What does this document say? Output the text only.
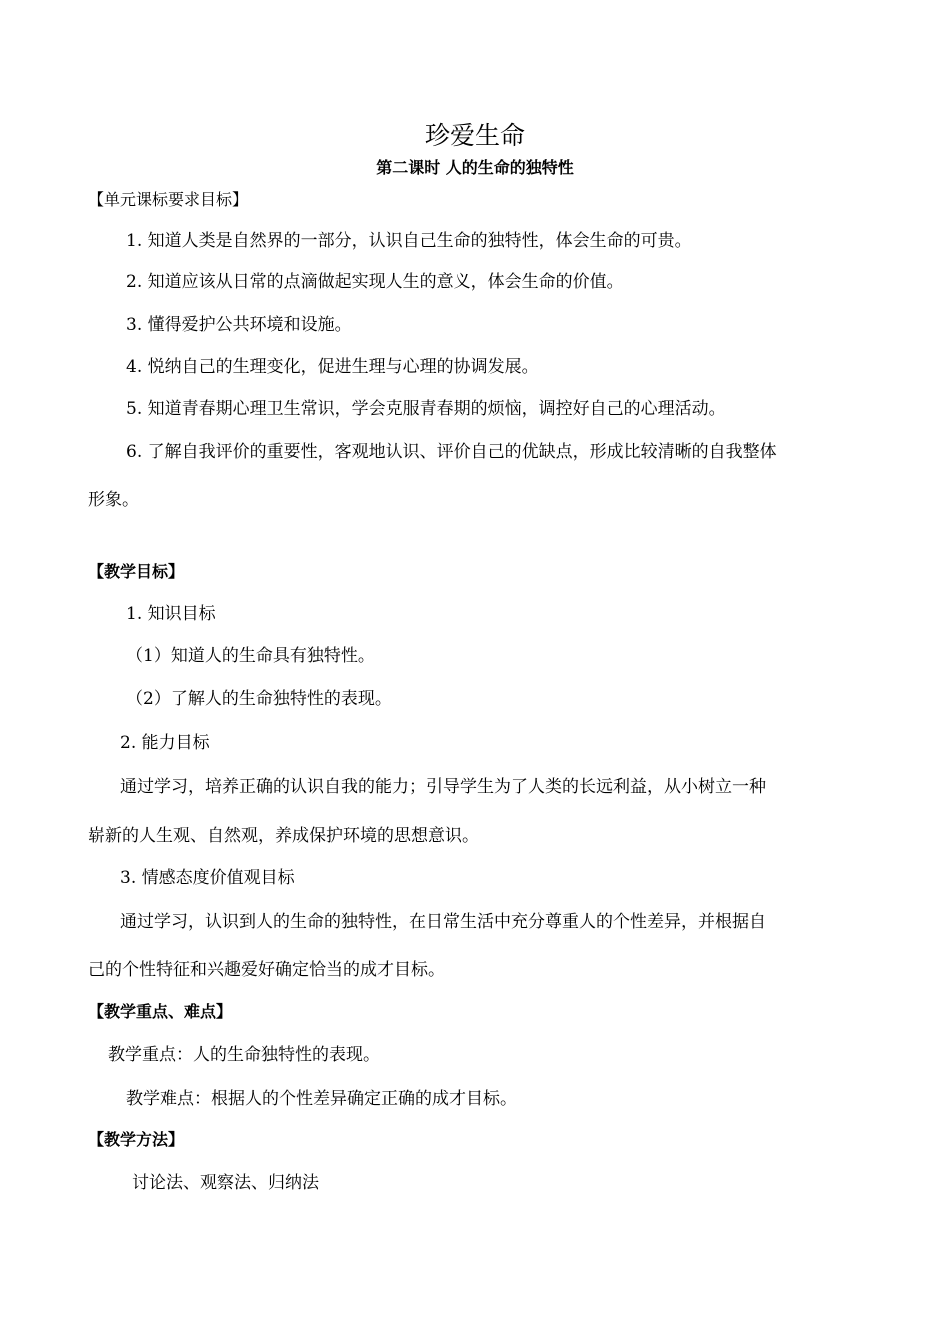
珍爱生命
第二课时 人的生命的独特性
【单元课标要求目标】
1. 知道人类是自然界的一部分，认识自己生命的独特性，体会生命的可贵。
2. 知道应该从日常的点滴做起实现人生的意义，体会生命的价值。
3. 懂得爱护公共环境和设施。
4. 悦纳自己的生理变化，促进生理与心理的协调发展。
5. 知道青春期心理卫生常识，学会克服青春期的烦恼，调控好自己的心理活动。
6. 了解自我评价的重要性，客观地认识、评价自己的优缺点，形成比较清晰的自我整体
形象。
【教学目标】
1. 知识目标
（1）知道人的生命具有独特性。
（2）了解人的生命独特性的表现。
2. 能力目标
通过学习，培养正确的认识自我的能力；引导学生为了人类的长远利益，从小树立一种
崭新的人生观、自然观，养成保护环境的思想意识。
3. 情感态度价值观目标
通过学习，认识到人的生命的独特性，在日常生活中充分尊重人的个性差异，并根据自
己的个性特征和兴趣爱好确定恰当的成才目标。
【教学重点、难点】
教学重点：人的生命独特性的表现。
教学难点：根据人的个性差异确定正确的成才目标。
【教学方法】
讨论法、观察法、归纳法
